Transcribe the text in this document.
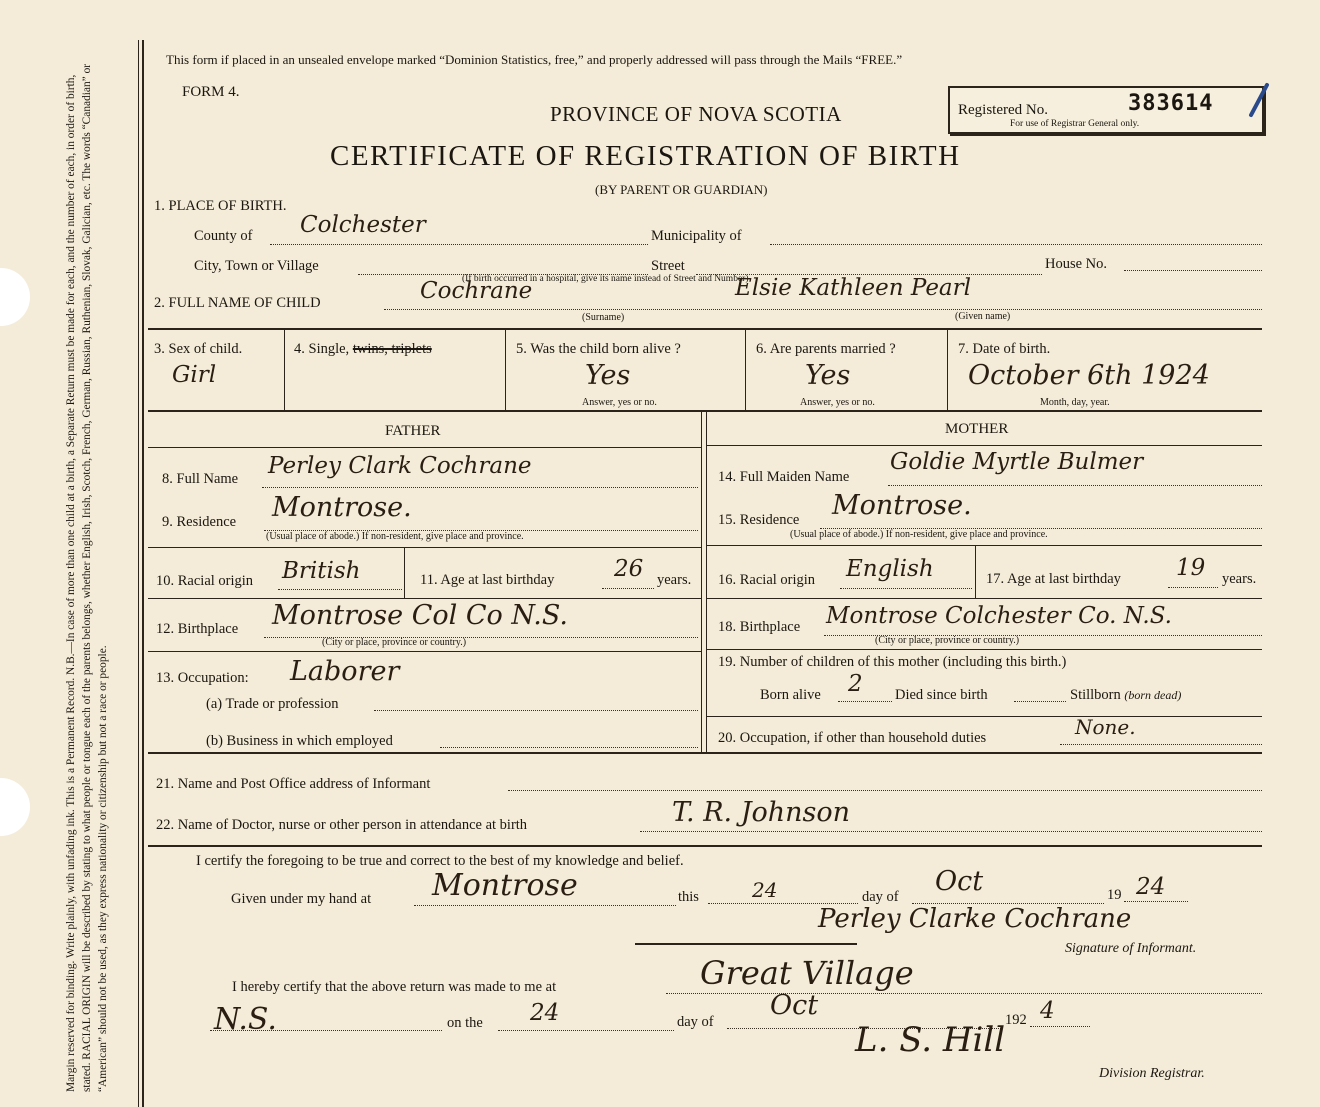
Margin reserved for binding. Write plainly, with unfading ink. This is a Permanent Record. N.B.—In case of more than one child at a birth, a Separate Return must be made for each, and the number of each, in order of birth, stated. RACIAL ORIGIN will be described by stating to what people or tongue each of the parents belongs, whether English, Irish, Scotch, French, German, Russian, Ruthenian, Slovak, Galician, etc. The words “Canadian” or “American” should not be used, as they express nationality or citizenship but not a race or people.
This form if placed in an unsealed envelope marked “Dominion Statistics, free,” and properly addressed will pass through the Mails “FREE.”
FORM 4.
PROVINCE OF NOVA SCOTIA
CERTIFICATE OF REGISTRATION OF BIRTH
(BY PARENT OR GUARDIAN)
Registered No.
For use of Registrar General only.
383614
1. PLACE OF BIRTH.
County of Colchester	Municipality of
City, Town or Village	Street	House No.
(If birth occurred in a hospital, give its name instead of Street and Number)
2. FULL NAME OF CHILD	Cochrane	Elsie Kathleen Pearl
(Surname)	(Given name)
3. Sex of child.
Girl
4. Single, twins, triplets	5. Was the child born alive ?
Yes
Answer, yes or no.
6. Are parents married ?
Yes
Answer, yes or no.
7. Date of birth.
October 6th 1924
Month, day, year.
FATHER	MOTHER
8. Full Name Perley Clark Cochrane
9. Residence Montrose.
(Usual place of abode.) If non-resident, give place and province.
10. Racial origin British	11. Age at last birthday	26 years.
12. Birthplace Montrose Col Co N.S.
(City or place, province or country.)
13. Occupation: Laborer
(a) Trade or profession
(b) Business in which employed
14. Full Maiden Name
Goldie Myrtle Bulmer
15. Residence Montrose.
(Usual place of abode.) If non-resident, give place and province.
16. Racial origin English	17. Age at last birthday 19 years.
18. Birthplace Montrose Colchester Co. N.S.
(City or place, province or country.)
19. Number of children of this mother (including this birth.)
Born alive 2 Died since birth	Stillborn (born dead)
20. Occupation, if other than household duties	None.
21. Name and Post Office address of Informant
22. Name of Doctor, nurse or other person in attendance at birth	T. R. Johnson
I certify the foregoing to be true and correct to the best of my knowledge and belief.
Given under my hand at Montrose	this	24	day of Oct	19 24
Perley Clarke Cochrane
Signature of Informant.
I hereby certify that the above return was made to me at	Great Village
N.S.	on the 24	day of
Oct	192 4
L. S. Hill
Division Registrar.
